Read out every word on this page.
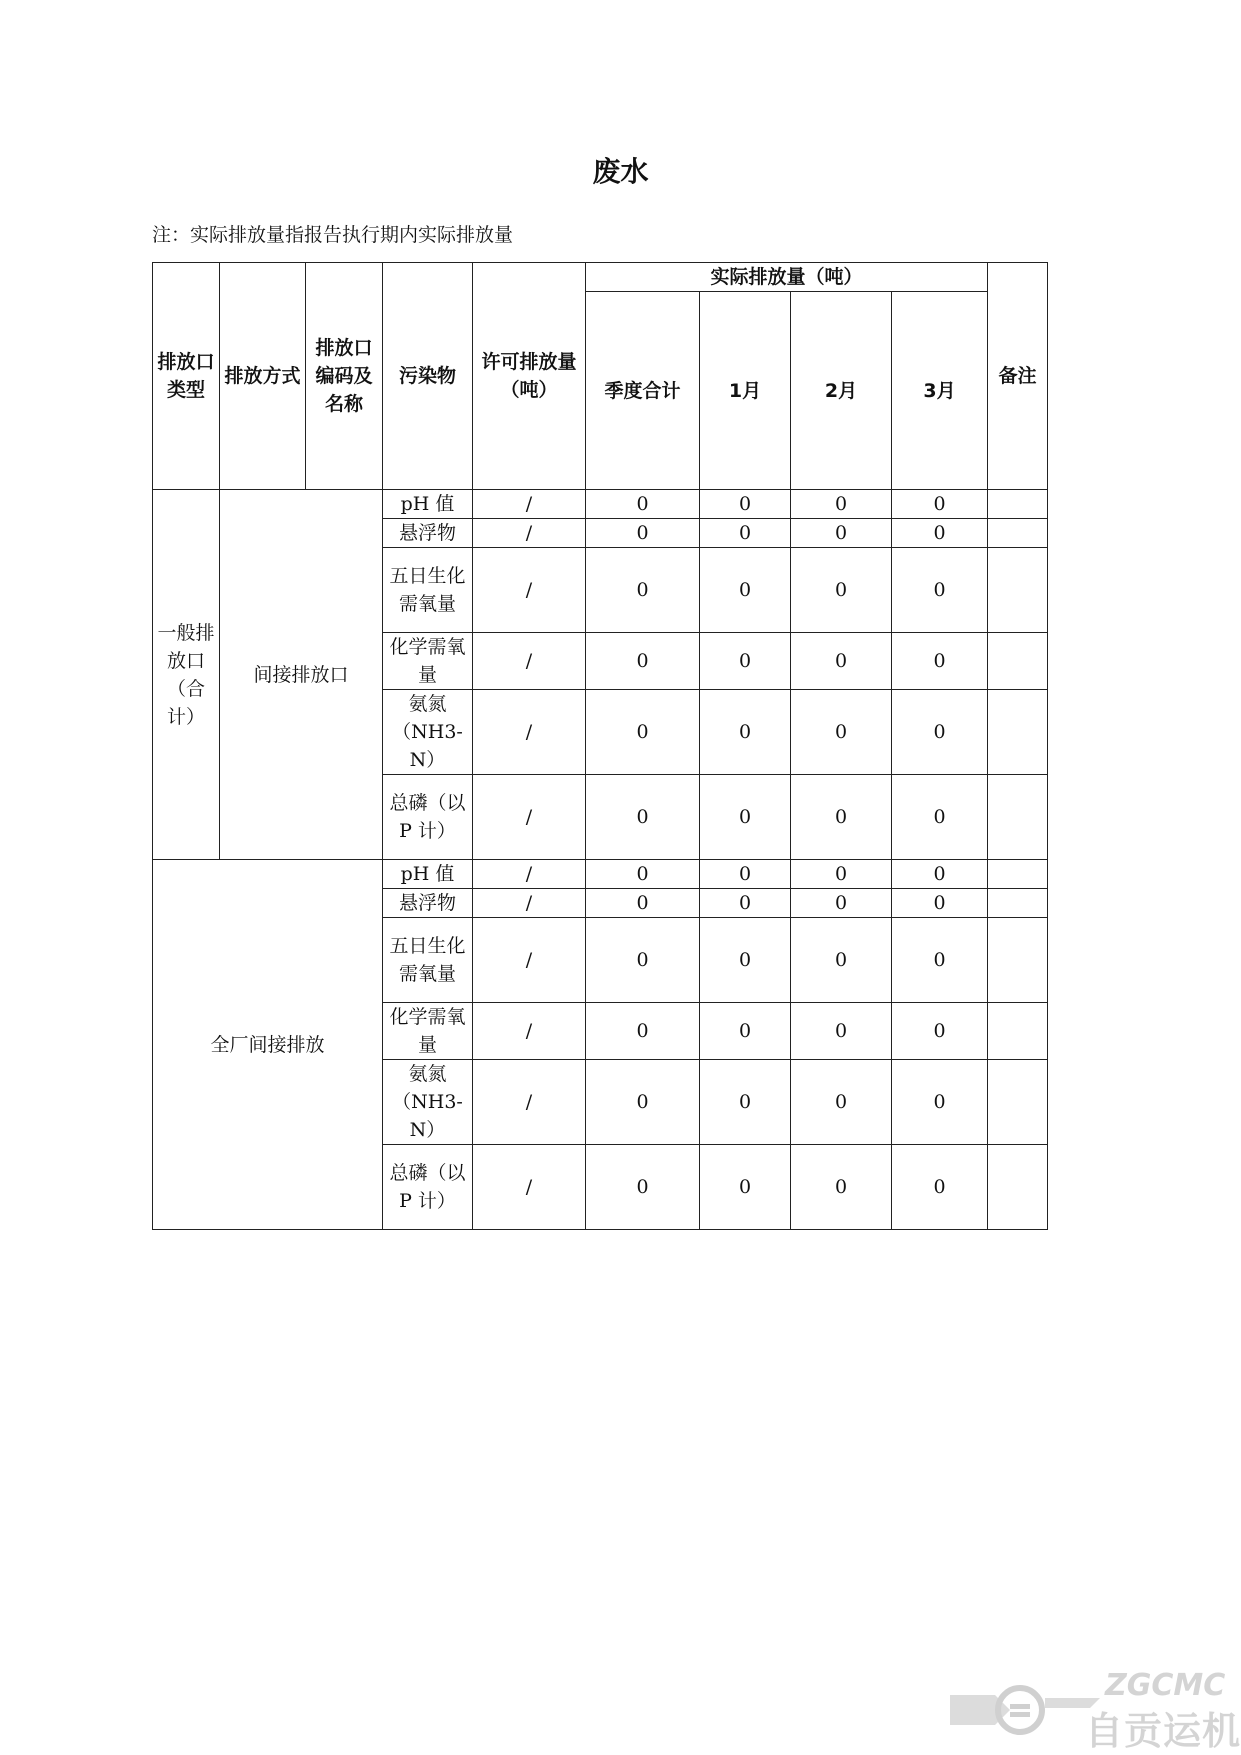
废水
注：实际排放量指报告执行期内实际排放量
排放口类型	排放方式	排放口编码及名称	污染物	许可排放量（吨）	实际排放量（吨）				备注
					季度合计	1月	2月	3月	
一般排放口（合计）	间接排放口		pH 值	/	0	0	0	0	
			悬浮物	/	0	0	0	0	
			五日生化需氧量	/	0	0	0	0	
			化学需氧量	/	0	0	0	0	
			氨氮（NH3-N）	/	0	0	0	0	
			总磷（以 P 计）	/	0	0	0	0	
全厂间接排放			pH 值	/	0	0	0	0	
			悬浮物	/	0	0	0	0	
			五日生化需氧量	/	0	0	0	0	
			化学需氧量	/	0	0	0	0	
			氨氮（NH3-N）	/	0	0	0	0	
			总磷（以 P 计）	/	0	0	0	0	
ZGCMC
自贡运机
